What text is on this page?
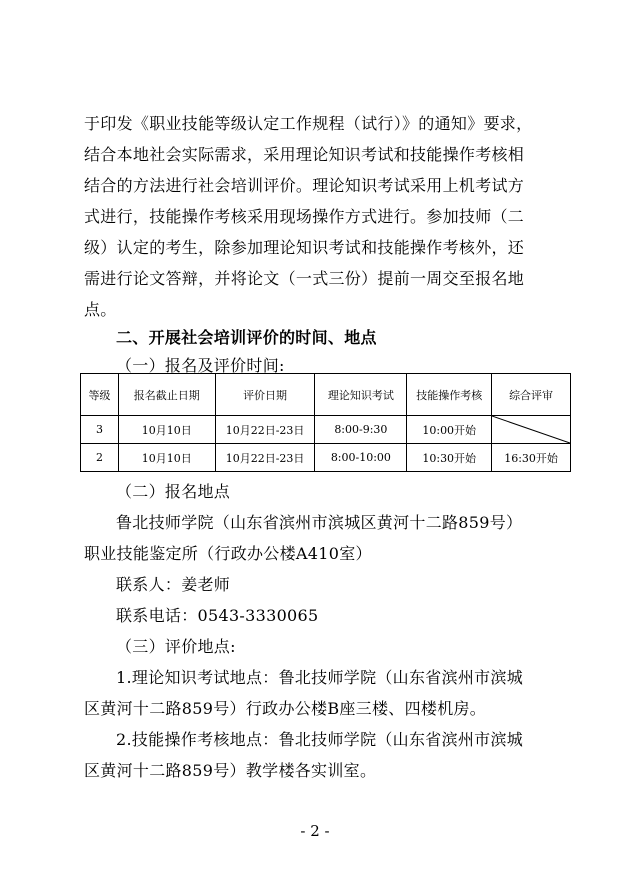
于印发《职业技能等级认定工作规程（试行）》的通知》要求，
结合本地社会实际需求，采用理论知识考试和技能操作考核相
结合的方法进行社会培训评价。理论知识考试采用上机考试方
式进行，技能操作考核采用现场操作方式进行。参加技师（二
级）认定的考生，除参加理论知识考试和技能操作考核外，还
需进行论文答辩，并将论文（一式三份）提前一周交至报名地
点。
二、开展社会培训评价的时间、地点
（一）报名及评价时间:
等级	报名截止日期	评价日期	理论知识考试	技能操作考核	综合评审
3	10月10日	10月22日-23日	8:00-9:30	10:00开始	

2	10月10日	10月22日-23日	8:00-10:00	10:30开始	16:30开始
（二）报名地点
鲁北技师学院（山东省滨州市滨城区黄河十二路859号）
职业技能鉴定所（行政办公楼A410室）
联系人：姜老师
联系电话：0543-3330065
（三）评价地点:
1.理论知识考试地点：鲁北技师学院（山东省滨州市滨城
区黄河十二路859号）行政办公楼B座三楼、四楼机房。
2.技能操作考核地点：鲁北技师学院（山东省滨州市滨城
区黄河十二路859号）教学楼各实训室。
- 2 -
